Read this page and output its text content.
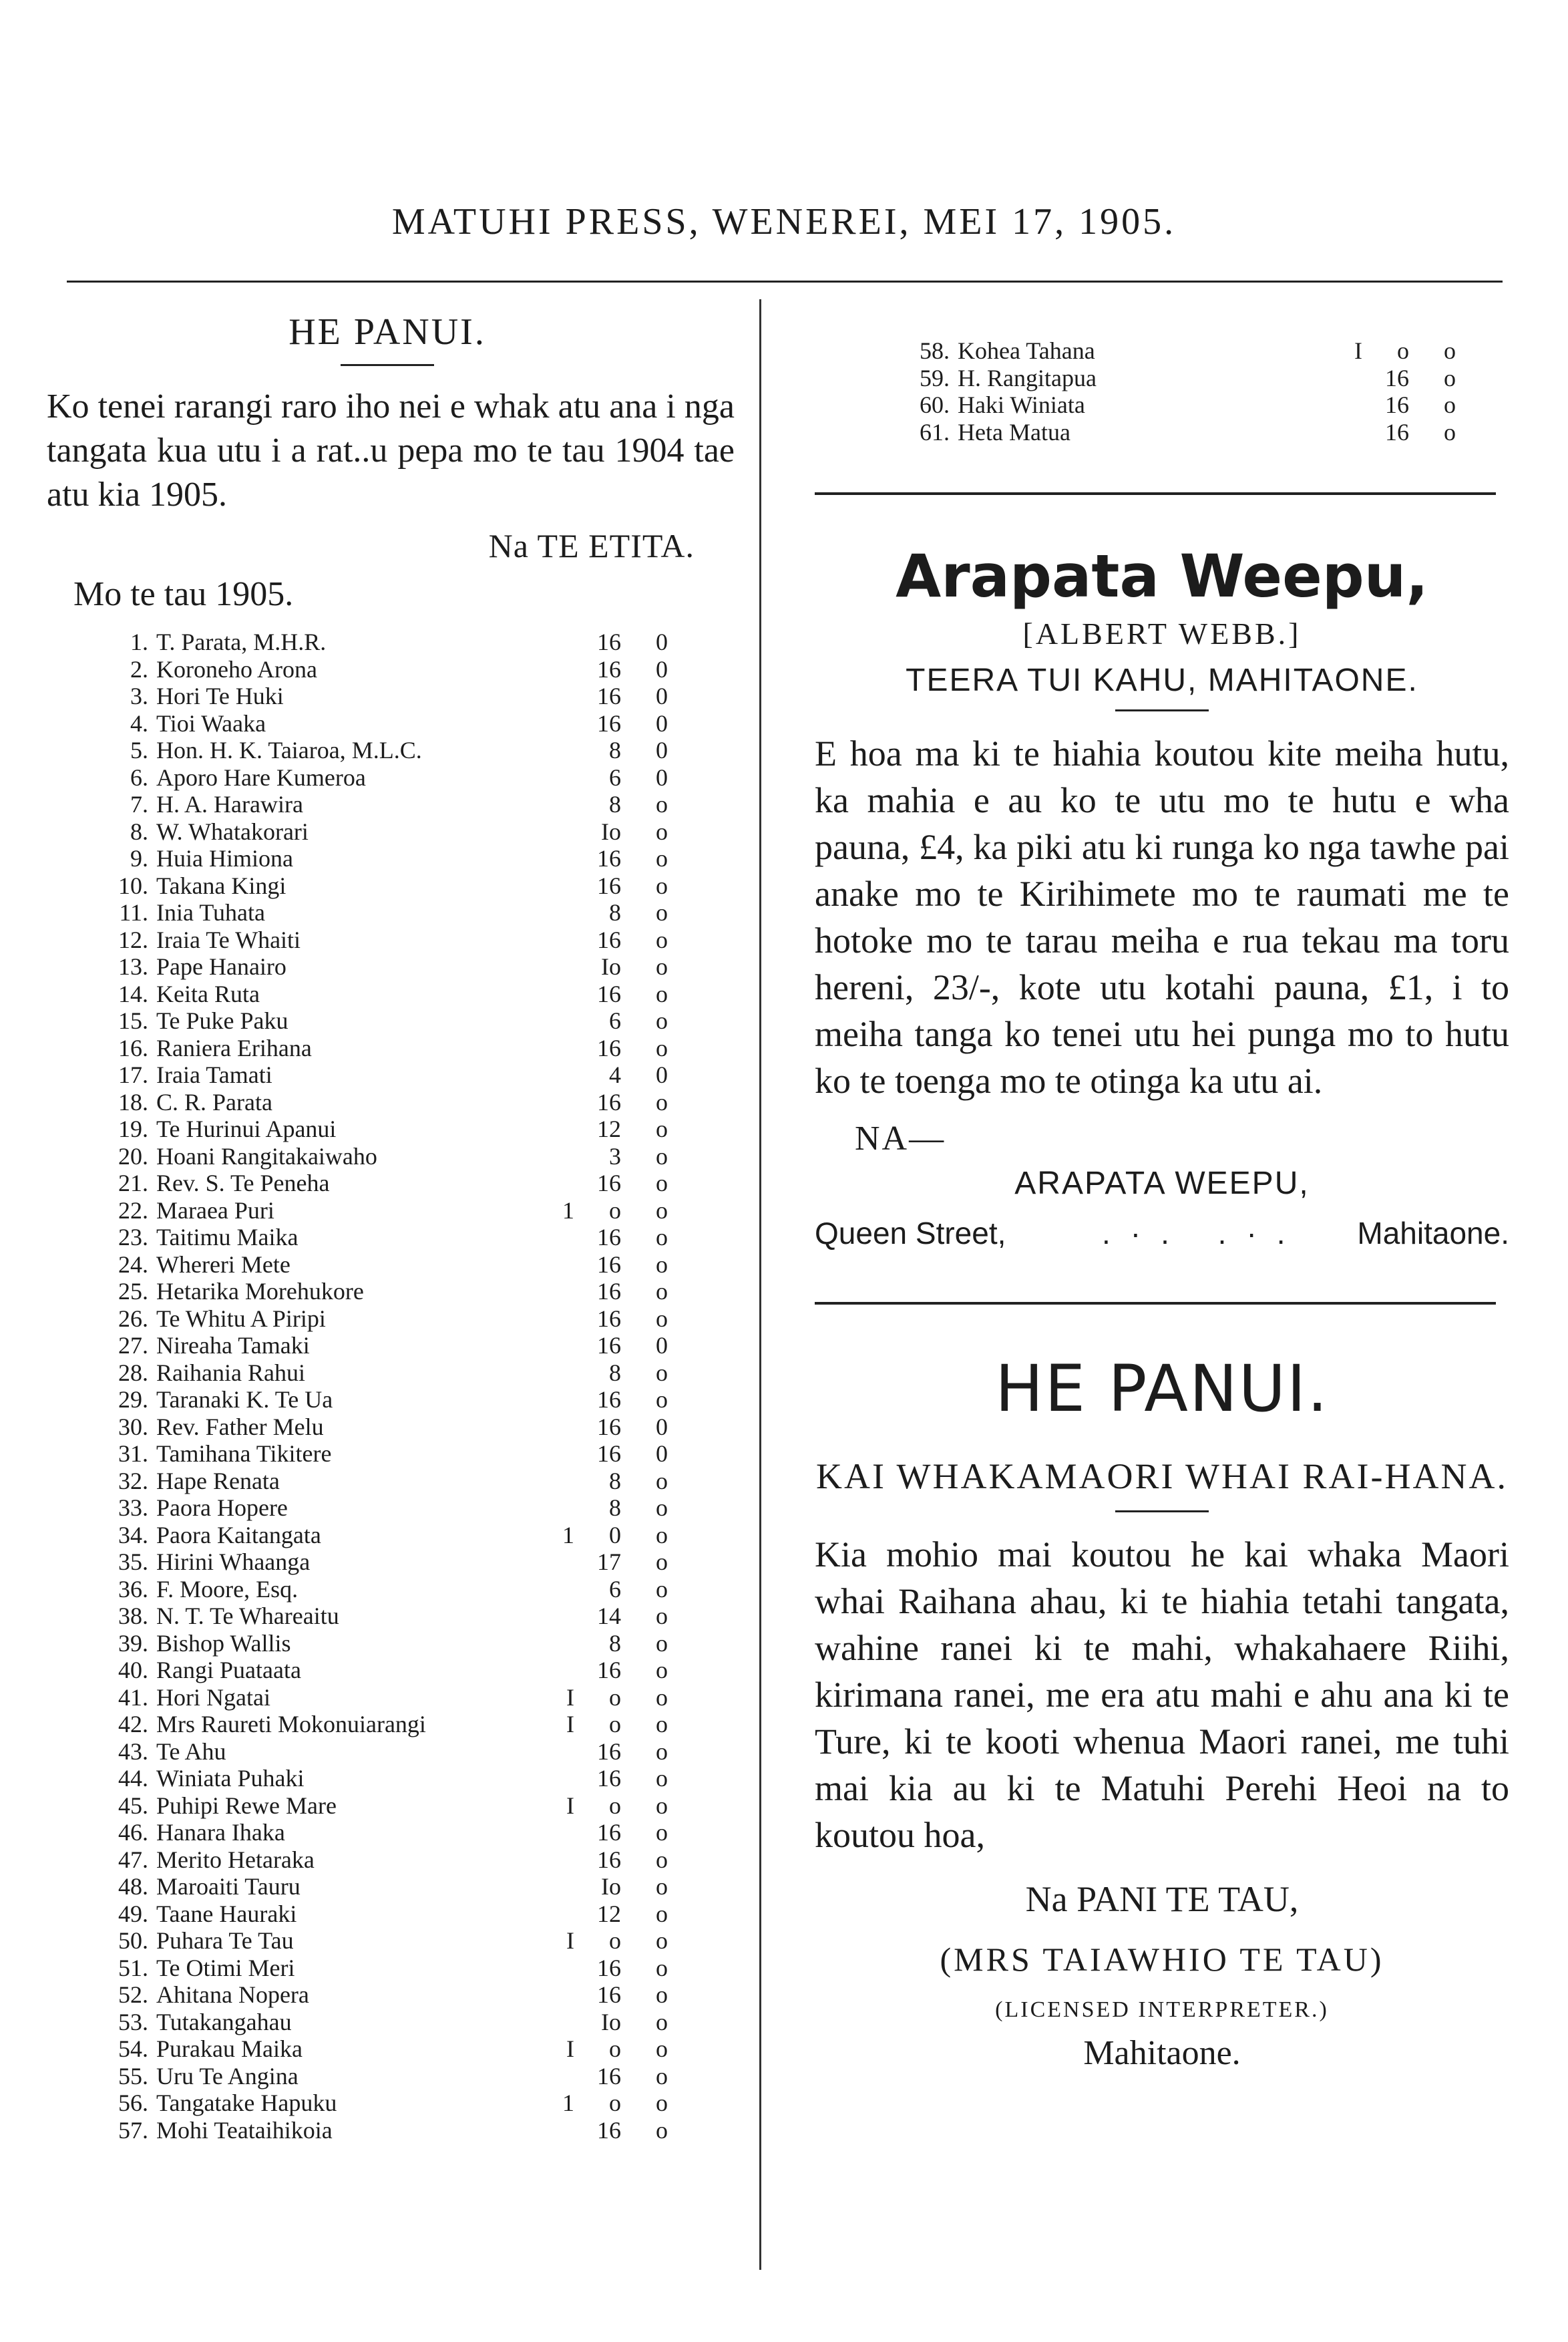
MATUHI PRESS, WENEREI, MEI 17, 1905.
HE PANUI.

Ko tenei rarangi raro iho nei e whak atu ana i nga tangata kua utu i a rat..u pepa mo te tau 1904 tae atu kia 1905.

Na TE ETITA.
Mo te tau 1905.
1. T. Parata, M.H.R.	16	0
2. Koroneho Arona	16	0
3. Hori Te Huki	16	0
4. Tioi Waaka	16	0
5. Hon. H. K. Taiaroa, M.L.C.	8	0
6. Aporo Hare Kumeroa	6	0
7. H. A. Harawira	8	o
8. W. Whatakorari	Io	o
9. Huia Himiona	16	o
10. Takana Kingi	16	o
11. Inia Tuhata	8	o
12. Iraia Te Whaiti	16	o
13. Pape Hanairo	Io	o
14. Keita Ruta	16	o
15. Te Puke Paku	6	o
16. Raniera Erihana	16	o
17. Iraia Tamati	4	0
18. C. R. Parata	16	o
19. Te Hurinui Apanui	12	o
20. Hoani Rangitakaiwaho	3	o
21. Rev. S. Te Peneha	16	o
22. Maraea Puri	1	o	o
23. Taitimu Maika	16	o
24. Whereri Mete	16	o
25. Hetarika Morehukore	16	o
26. Te Whitu A Piripi	16	o
27. Nireaha Tamaki	16	0
28. Raihania Rahui	8	o
29. Taranaki K. Te Ua	16	o
30. Rev. Father Melu	16	0
31. Tamihana Tikitere	16	0
32. Hape Renata	8	o
33. Paora Hopere	8	o
34. Paora Kaitangata	1	0	o
35. Hirini Whaanga	17	o
36. F. Moore, Esq.	6	o
38. N. T. Te Whareaitu	14	o
39. Bishop Wallis	8	o
40. Rangi Puataata	16	o
41. Hori Ngatai	I	o	o
42. Mrs Raureti Mokonuiarangi	I	o	o
43. Te Ahu	16	o
44. Winiata Puhaki	16	o
45. Puhipi Rewe Mare	I	o	o
46. Hanara Ihaka	16	o
47. Merito Hetaraka	16	o
48. Maroaiti Tauru	Io	o
49. Taane Hauraki	12	o
50. Puhara Te Tau	I	o	o
51. Te Otimi Meri	16	o
52. Ahitana Nopera	16	o
53. Tutakangahau	Io	o
54. Purakau Maika	I	o	o
55. Uru Te Angina	16	o
56. Tangatake Hapuku	1	o	o
57. Mohi Teataihikoia	16	o
58. Kohea Tahana	I	o	o
59. H. Rangitapua	16	o
60. Haki Winiata	16	o
61. Heta Matua	16	o
Arapata Weepu,
[ALBERT WEBB.]
TEERA TUI KAHU, MAHITAONE.

E hoa ma ki te hiahia koutou kite meiha hutu, ka mahia e au ko te utu mo te hutu e wha pauna, £4, ka piki atu ki runga ko nga tawhe pai anake mo te Kirihimete mo te raumati me te hotoke mo te tarau meiha e rua tekau ma toru hereni, 23/-, kote utu kotahi pauna, £1, i to meiha tanga ko tenei utu hei punga mo to hutu ko te toenga mo te otinga ka utu ai.

NA—
ARAPATA WEEPU,
Queen Street,	.·. .·. Mahitaone.
HE PANUI.
KAI WHAKAMAORI WHAI RAI-HANA.

Kia mohio mai koutou he kai whaka Maori whai Raihana ahau, ki te hiahia tetahi tangata, wahine ranei ki te mahi, whakahaere Riihi, kirimana ranei, me era atu mahi e ahu ana ki te Ture, ki te kooti whenua Maori ranei, me tuhi mai kia au ki te Matuhi Perehi Heoi na to koutou hoa,

Na PANI TE TAU,
(MRS TAIAWHIO TE TAU)
(LICENSED INTERPRETER.)
Mahitaone.
